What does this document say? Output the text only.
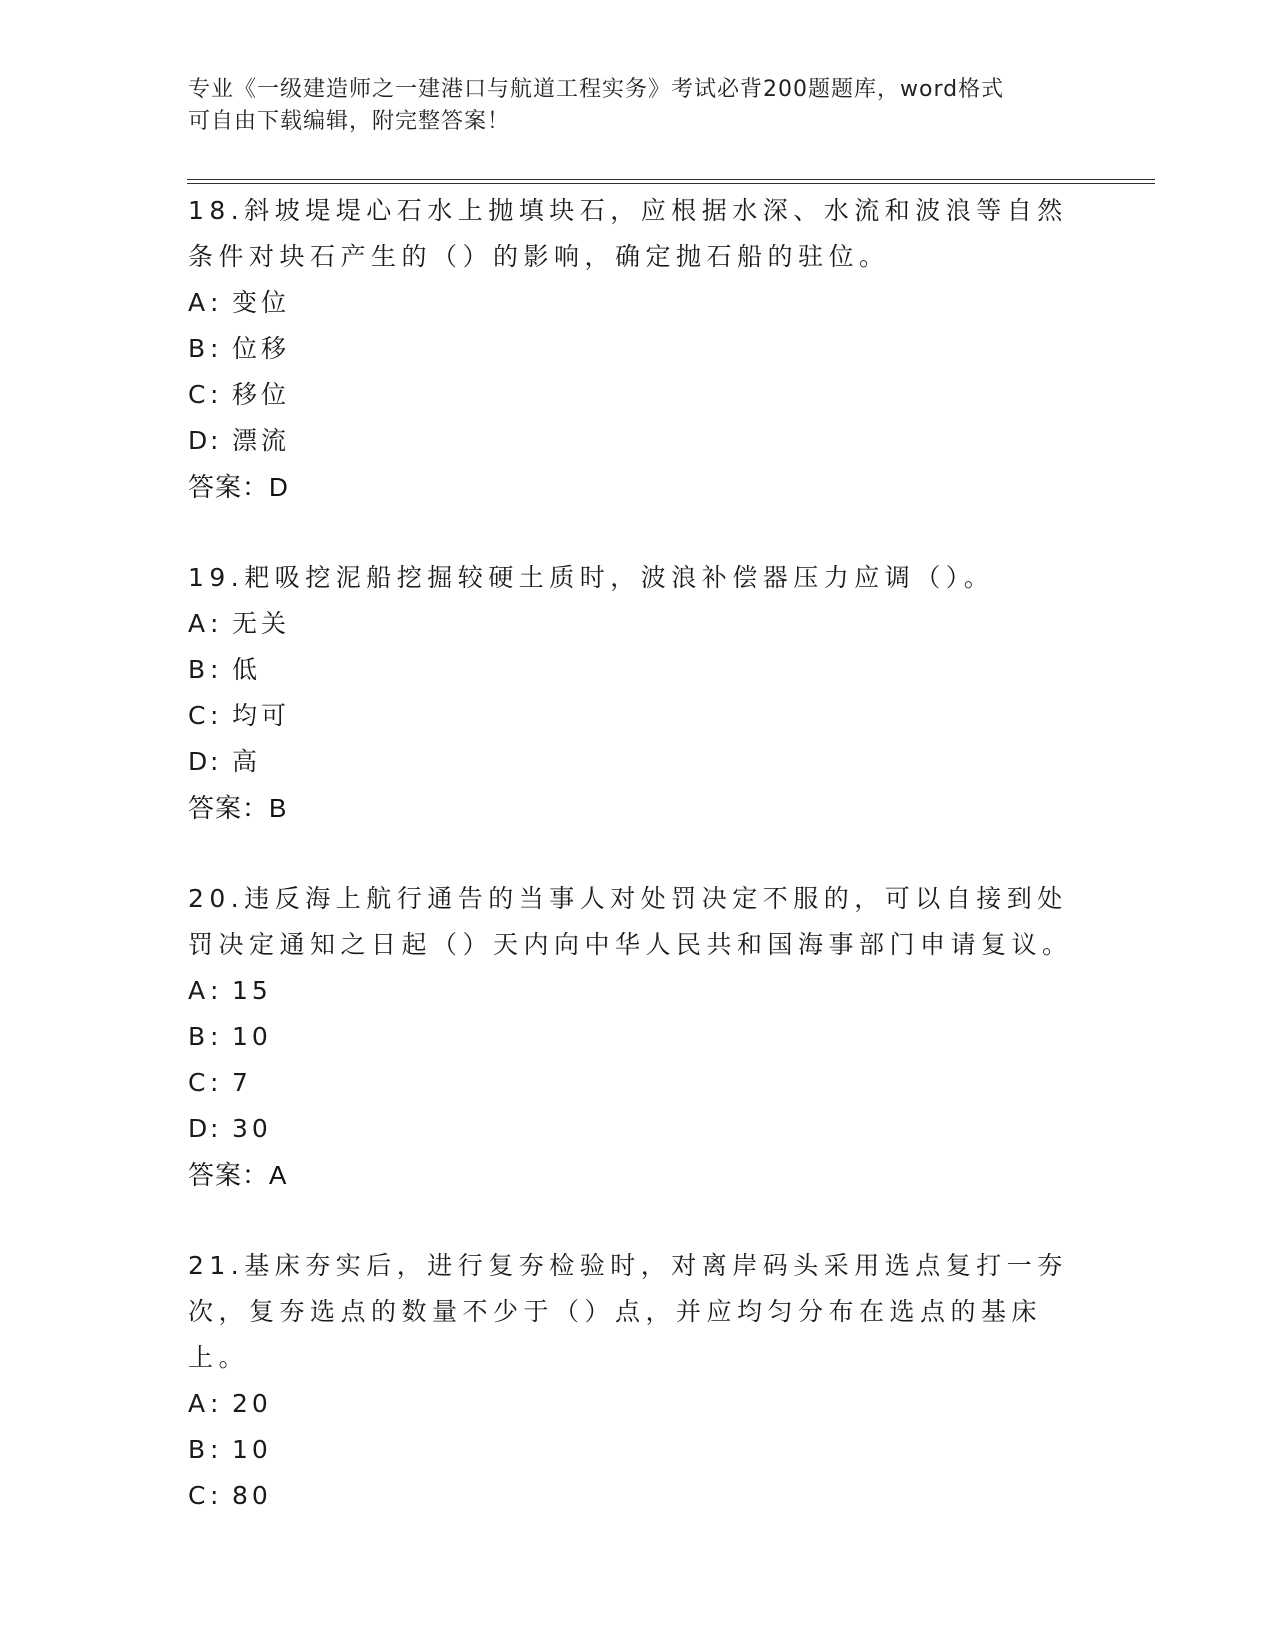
专业《一级建造师之一建港口与航道工程实务》考试必背200题题库，word格式
可自由下载编辑，附完整答案！
18.斜坡堤堤心石水上抛填块石，应根据水深、水流和波浪等自然条件对块石产生的（）的影响，确定抛石船的驻位。
A : 变位
B : 位移
C : 移位
D : 漂流
答案：D
19.耙吸挖泥船挖掘较硬土质时，波浪补偿器压力应调（）。
A : 无关
B : 低
C : 均可
D : 高
答案：B
20.违反海上航行通告的当事人对处罚决定不服的，可以自接到处罚决定通知之日起（）天内向中华人民共和国海事部门申请复议。
A : 15
B : 10
C : 7
D : 30
答案：A
21.基床夯实后，进行复夯检验时，对离岸码头采用选点复打一夯次，复夯选点的数量不少于（）点，并应均匀分布在选点的基床上。
A : 20
B : 10
C : 80
